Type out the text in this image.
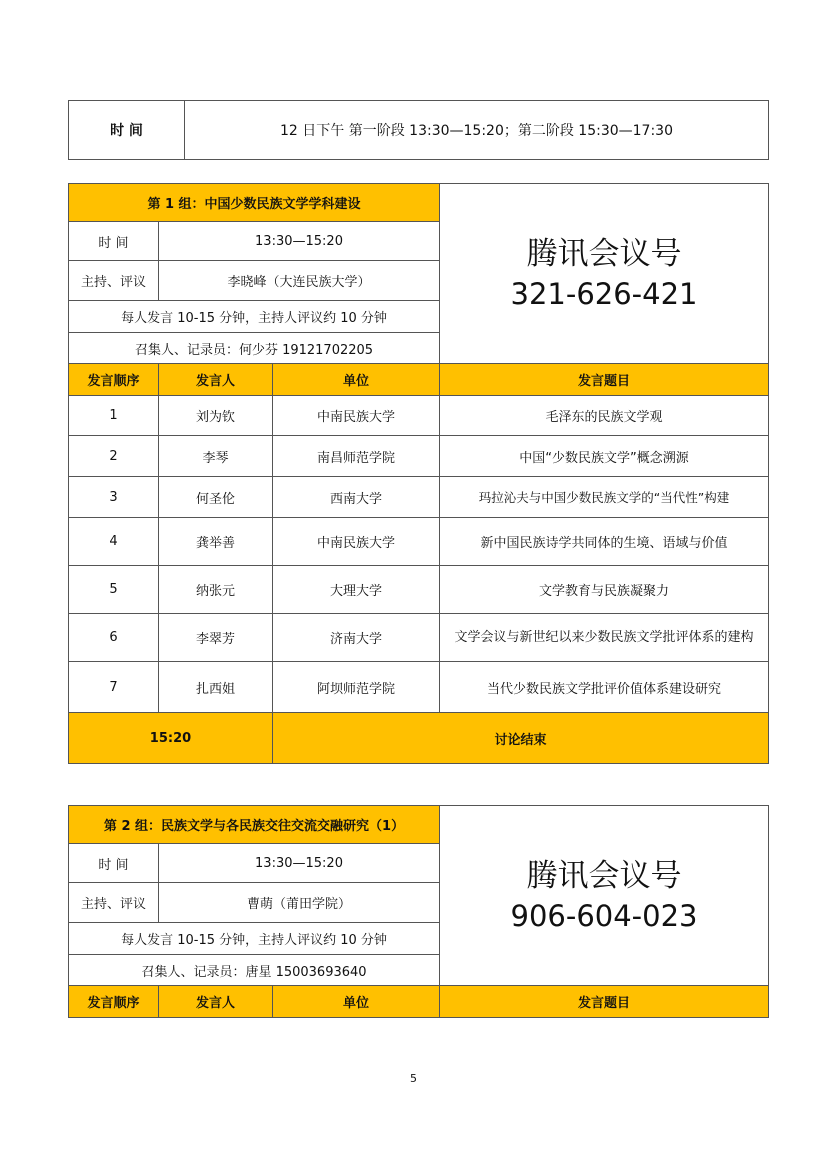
时 间	12 日下午 第一阶段 13:30—15:20；第二阶段 15:30—17:30
第 1 组：中国少数民族文学学科建设			腾讯会议号
321-626-421

时 间	13:30—15:20		
主持、评议	李晓峰（大连民族大学）		
每人发言 10-15 分钟，主持人评议约 10 分钟			
召集人、记录员：何少芬 19121702205			
发言顺序	发言人	单位	发言题目
1	刘为钦	中南民族大学	毛泽东的民族文学观
2	李琴	南昌师范学院	中国“少数民族文学”概念溯源
3	何圣伦	西南大学	玛拉沁夫与中国少数民族文学的“当代性”构建
4	龚举善	中南民族大学	新中国民族诗学共同体的生境、语域与价值
5	纳张元	大理大学	文学教育与民族凝聚力
6	李翠芳	济南大学	文学会议与新世纪以来少数民族文学批评体系的建构
7	扎西姐	阿坝师范学院	当代少数民族文学批评价值体系建设研究
15:20		讨论结束	
第 2 组：民族文学与各民族交往交流交融研究（1）			腾讯会议号
906-604-023

时 间	13:30—15:20		
主持、评议	曹萌（莆田学院）		
每人发言 10-15 分钟，主持人评议约 10 分钟			
召集人、记录员：唐星 15003693640			
发言顺序	发言人	单位	发言题目
5
